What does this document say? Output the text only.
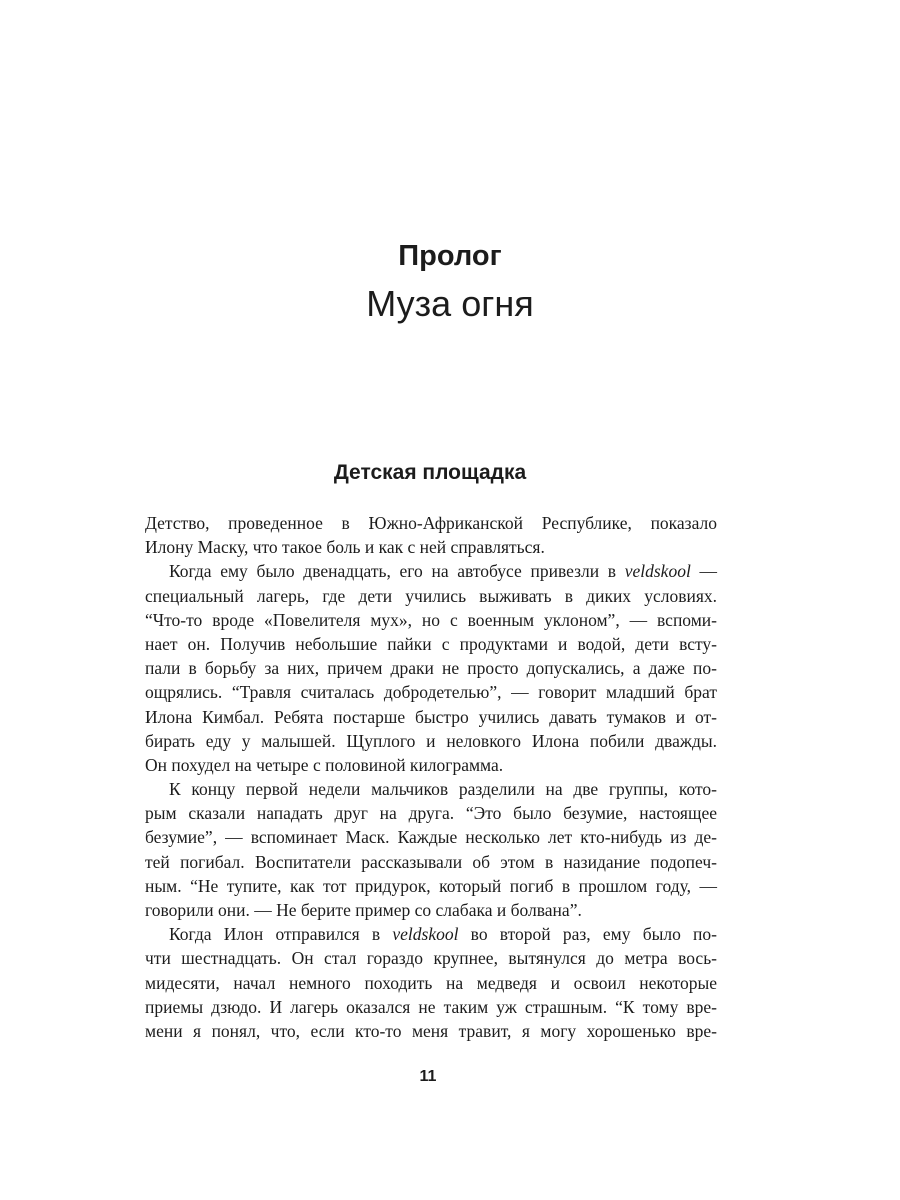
Пролог
Муза огня
Детская площадка
Детство, проведенное в Южно-Африканской Республике, показало
Илону Маску, что такое боль и как с ней справляться.
Когда ему было двенадцать, его на автобусе привезли в veldskool —
специальный лагерь, где дети учились выживать в диких условиях.
“Что-то вроде «Повелителя мух», но с военным уклоном”, — вспоми-
нает он. Получив небольшие пайки с продуктами и водой, дети всту-
пали в борьбу за них, причем драки не просто допускались, а даже по-
ощрялись. “Травля считалась добродетелью”, — говорит младший брат
Илона Кимбал. Ребята постарше быстро учились давать тумаков и от-
бирать еду у малышей. Щуплого и неловкого Илона побили дважды.
Он похудел на четыре с половиной килограмма.
К концу первой недели мальчиков разделили на две группы, кото-
рым сказали нападать друг на друга. “Это было безумие, настоящее
безумие”, — вспоминает Маск. Каждые несколько лет кто-нибудь из де-
тей погибал. Воспитатели рассказывали об этом в назидание подопеч-
ным. “Не тупите, как тот придурок, который погиб в прошлом году, —
говорили они. — Не берите пример со слабака и болвана”.
Когда Илон отправился в veldskool во второй раз, ему было по-
чти шестнадцать. Он стал гораздо крупнее, вытянулся до метра вось-
мидесяти, начал немного походить на медведя и освоил некоторые
приемы дзюдо. И лагерь оказался не таким уж страшным. “К тому вре-
мени я понял, что, если кто-то меня травит, я могу хорошенько вре-
11
